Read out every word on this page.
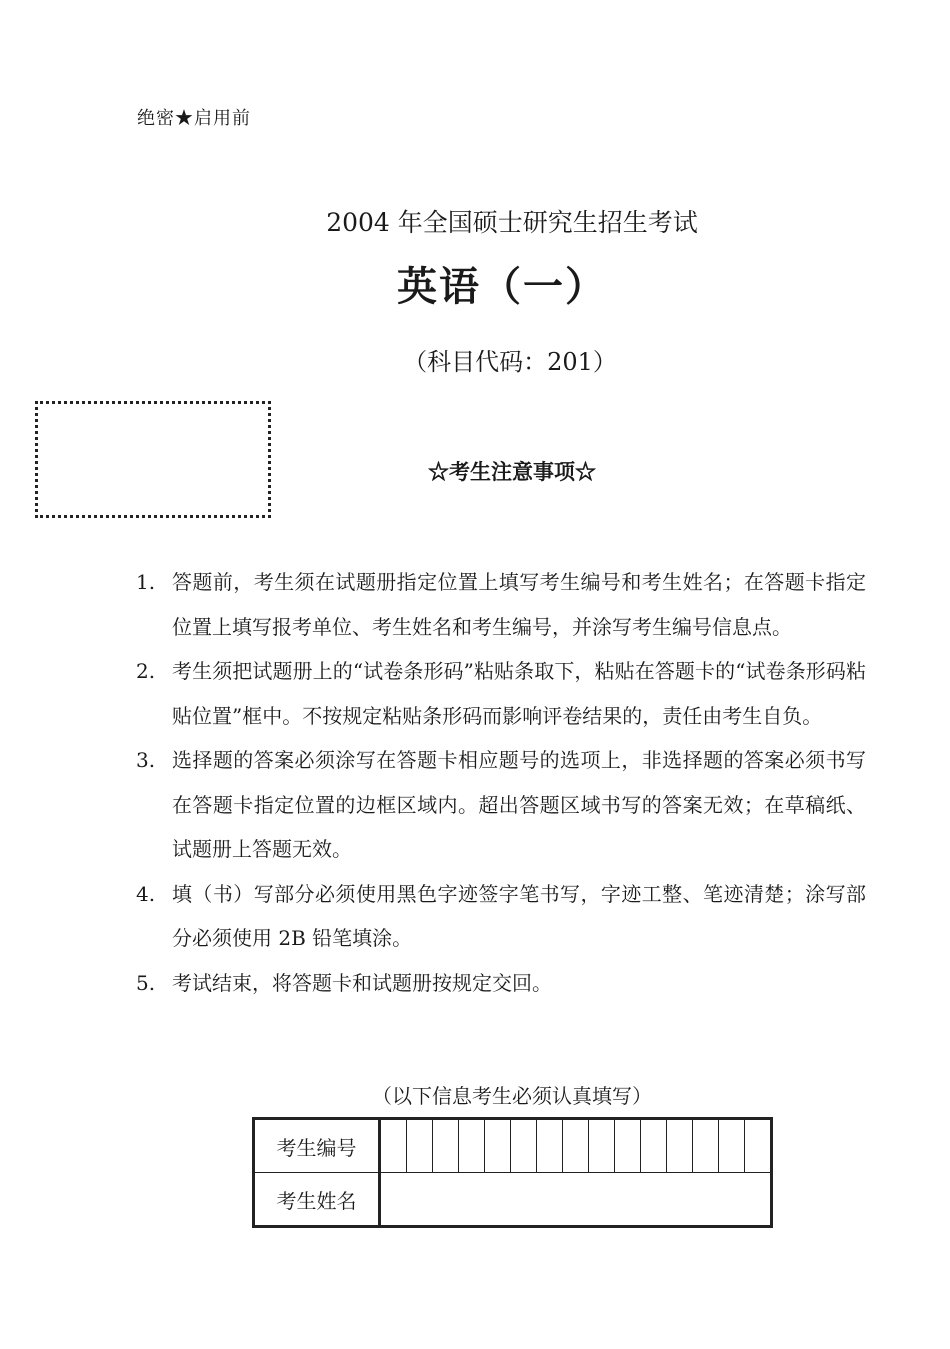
绝密★启用前
2004 年全国硕士研究生招生考试
英语（一）
（科目代码：201）
☆考生注意事项☆
1. 答题前，考生须在试题册指定位置上填写考生编号和考生姓名；在答题卡指定位置上填写报考单位、考生姓名和考生编号，并涂写考生编号信息点。
2. 考生须把试题册上的“试卷条形码”粘贴条取下，粘贴在答题卡的“试卷条形码粘贴位置”框中。不按规定粘贴条形码而影响评卷结果的，责任由考生自负。
3. 选择题的答案必须涂写在答题卡相应题号的选项上，非选择题的答案必须书写在答题卡指定位置的边框区域内。超出答题区域书写的答案无效；在草稿纸、试题册上答题无效。
4. 填（书）写部分必须使用黑色字迹签字笔书写，字迹工整、笔迹清楚；涂写部分必须使用 2B 铅笔填涂。
5. 考试结束，将答题卡和试题册按规定交回。
（以下信息考生必须认真填写）
考生编号															
考生姓名															
